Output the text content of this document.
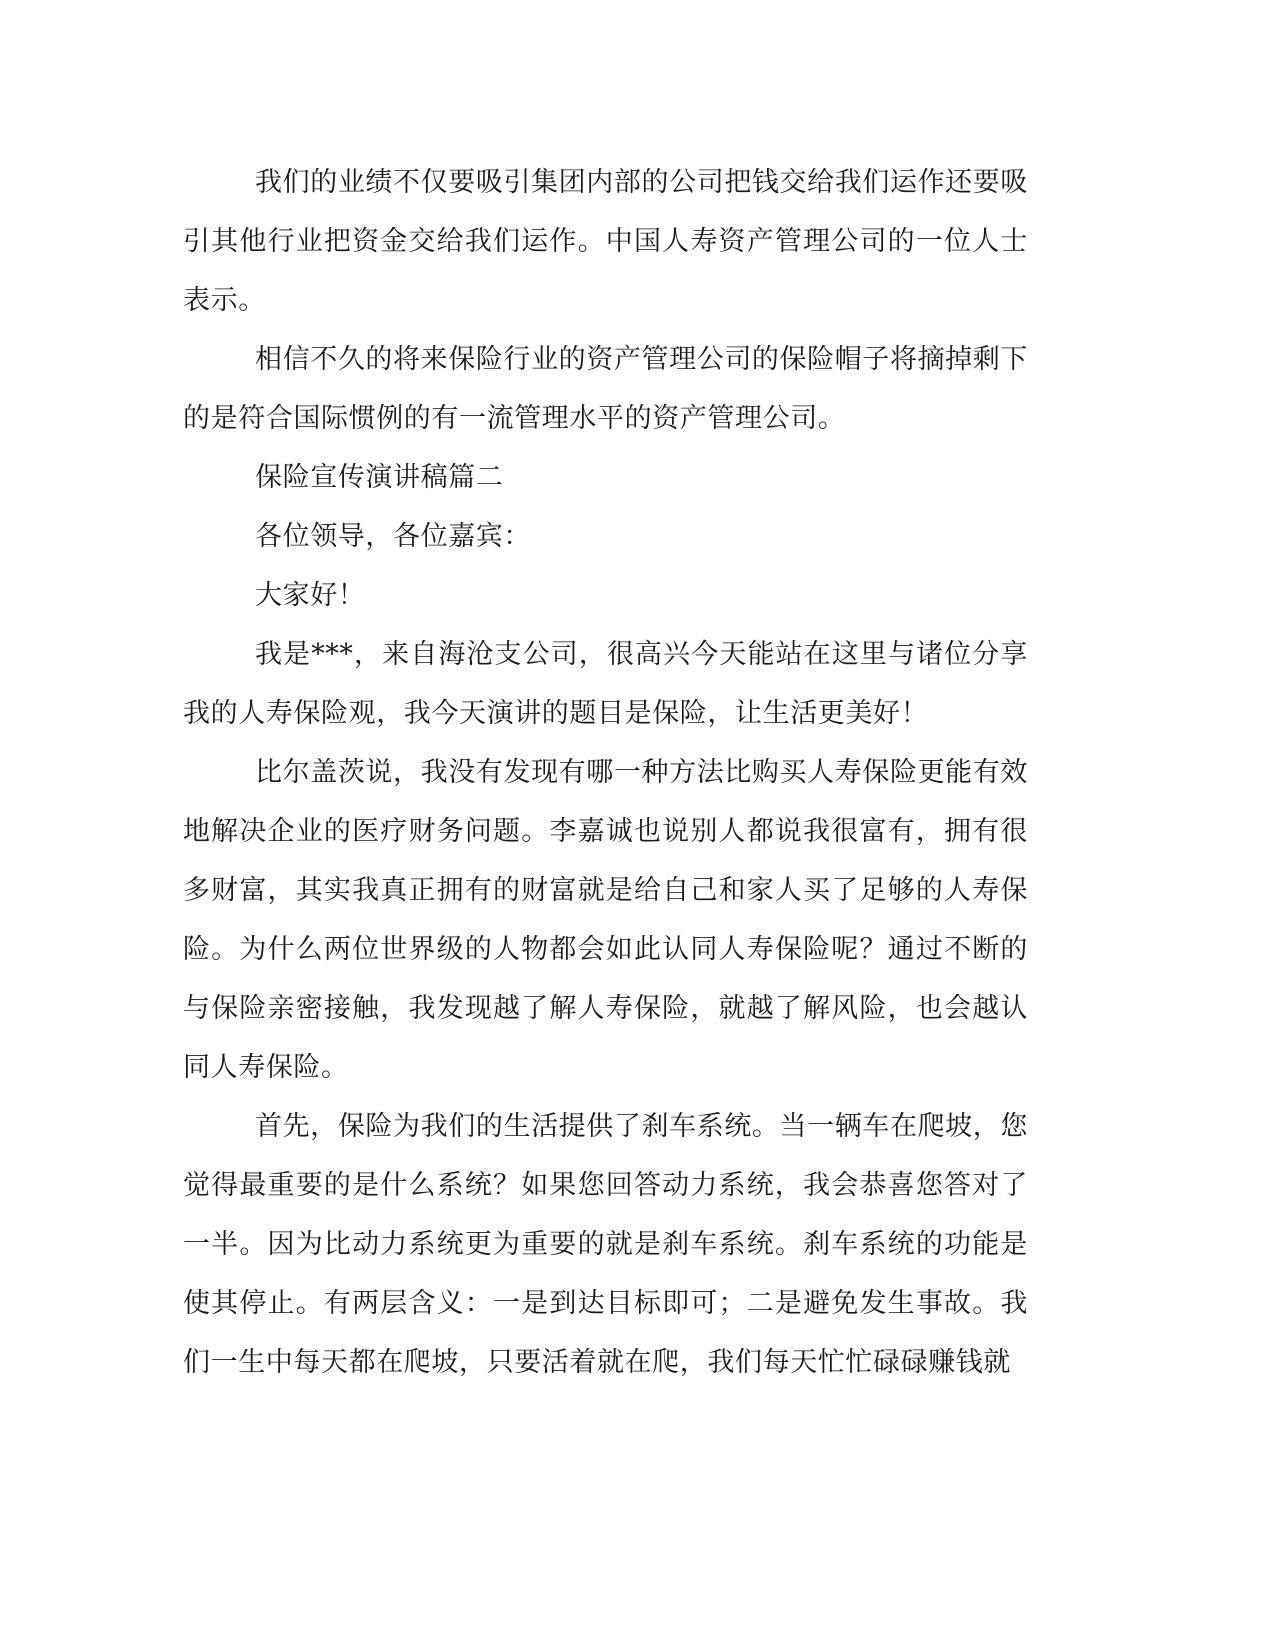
我们的业绩不仅要吸引集团内部的公司把钱交给我们运作还要吸引其他行业把资金交给我们运作。中国人寿资产管理公司的一位人士表示。

相信不久的将来保险行业的资产管理公司的保险帽子将摘掉剩下的是符合国际惯例的有一流管理水平的资产管理公司。

保险宣传演讲稿篇二

各位领导，各位嘉宾：

大家好！

我是***，来自海沧支公司，很高兴今天能站在这里与诸位分享我的人寿保险观，我今天演讲的题目是保险，让生活更美好！

比尔盖茨说，我没有发现有哪一种方法比购买人寿保险更能有效地解决企业的医疗财务问题。李嘉诚也说别人都说我很富有，拥有很多财富，其实我真正拥有的财富就是给自己和家人买了足够的人寿保险。为什么两位世界级的人物都会如此认同人寿保险呢？通过不断的与保险亲密接触，我发现越了解人寿保险，就越了解风险，也会越认同人寿保险。

首先，保险为我们的生活提供了刹车系统。当一辆车在爬坡，您觉得最重要的是什么系统？如果您回答动力系统，我会恭喜您答对了一半。因为比动力系统更为重要的就是刹车系统。刹车系统的功能是使其停止。有两层含义：一是到达目标即可；二是避免发生事故。我们一生中每天都在爬坡，只要活着就在爬，我们每天忙忙碌碌赚钱就
